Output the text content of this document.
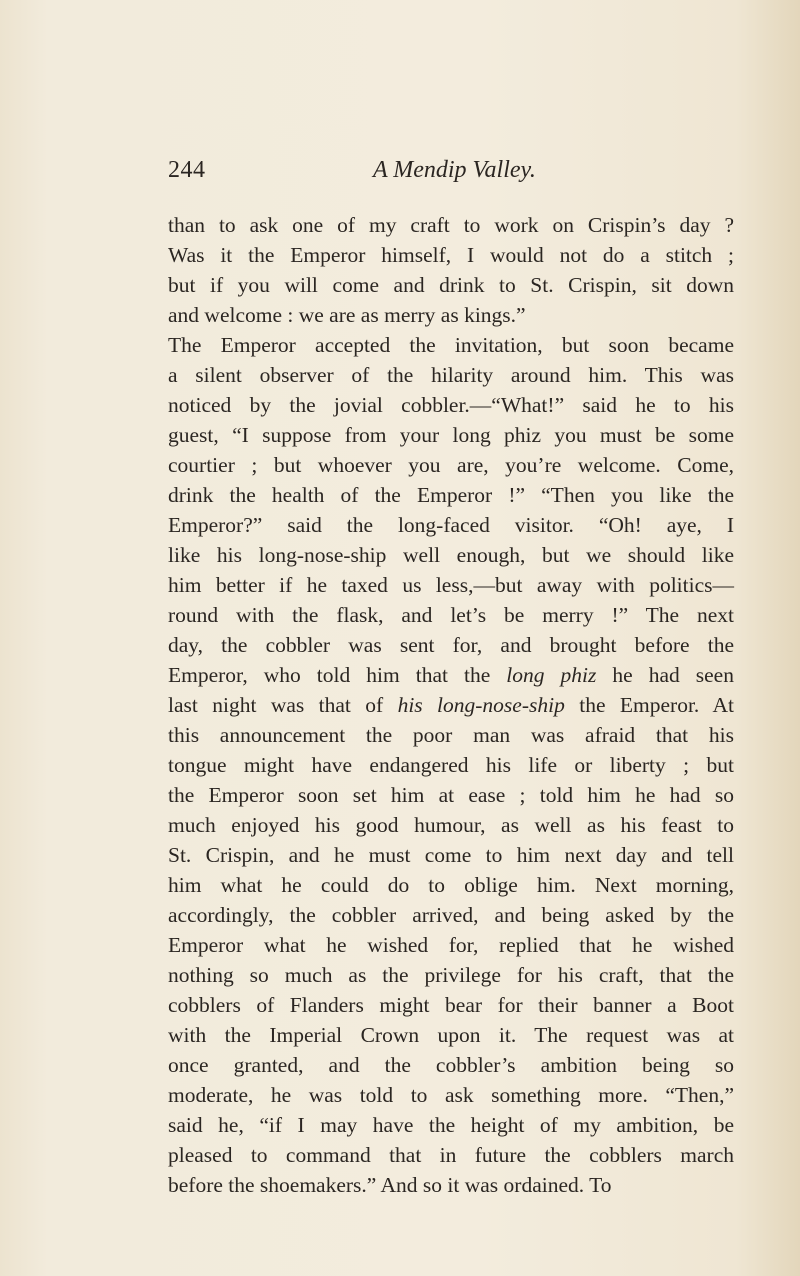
244	A Mendip Valley.
than to ask one of my craft to work on Crispin’s day ?
Was it the Emperor himself, I would not do a stitch ;
but if you will come and drink to St. Crispin, sit down
and welcome : we are as merry as kings.”
The Emperor accepted the invitation, but soon became
a silent observer of the hilarity around him. This was
noticed by the jovial cobbler.—“What!” said he to his
guest, “I suppose from your long phiz you must be some
courtier ; but whoever you are, you’re welcome. Come,
drink the health of the Emperor !” “Then you like the
Emperor?” said the long-faced visitor. “Oh! aye, I
like his long-nose-ship well enough, but we should like
him better if he taxed us less,—but away with politics—
round with the flask, and let’s be merry !” The next
day, the cobbler was sent for, and brought before the
Emperor, who told him that the long phiz he had seen
last night was that of his long-nose-ship the Emperor. At
this announcement the poor man was afraid that his
tongue might have endangered his life or liberty ; but
the Emperor soon set him at ease ; told him he had so
much enjoyed his good humour, as well as his feast to
St. Crispin, and he must come to him next day and tell
him what he could do to oblige him. Next morning,
accordingly, the cobbler arrived, and being asked by the
Emperor what he wished for, replied that he wished
nothing so much as the privilege for his craft, that the
cobblers of Flanders might bear for their banner a Boot
with the Imperial Crown upon it. The request was at
once granted, and the cobbler’s ambition being so
moderate, he was told to ask something more. “Then,”
said he, “if I may have the height of my ambition, be
pleased to command that in future the cobblers march
before the shoemakers.” And so it was ordained. To
